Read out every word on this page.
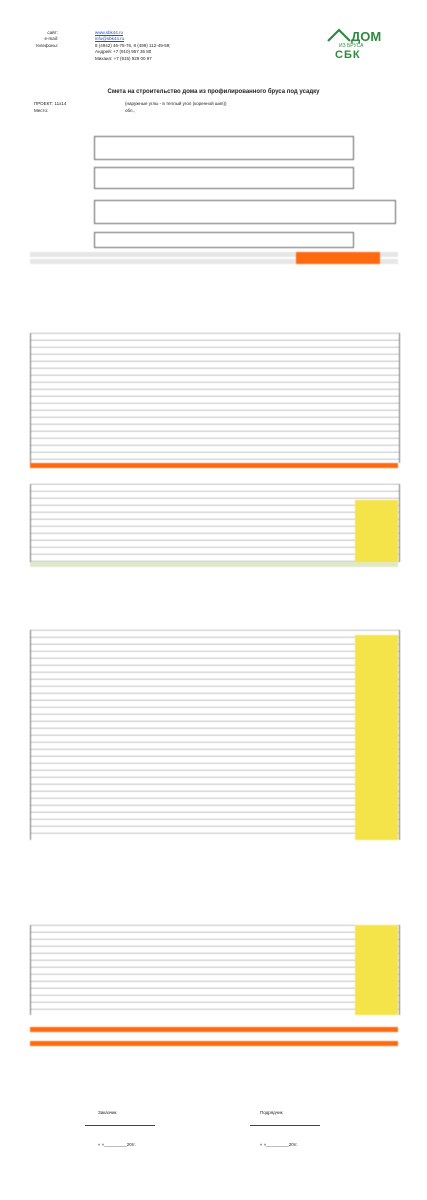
сайт:	www.sbk44.ru
e-mail:	info@sbk44.ru
телефоны:	8 (4942) 46-75-76, 8 (499) 112-49-59;
Андрей: +7 (910) 957 36 80
Михаил: +7 (915) 929 00 97
ДОМ
ИЗ БРУСА
СБК
Смета на строительство дома из профилированного бруса под усадку
ПРОЕКТ: 11х14	(наружные углы - в теплый угол (коренной шип))
Место:	обл.,
Заказчик	Подрядчик
« »_________20гг.	« »_________20гг.
